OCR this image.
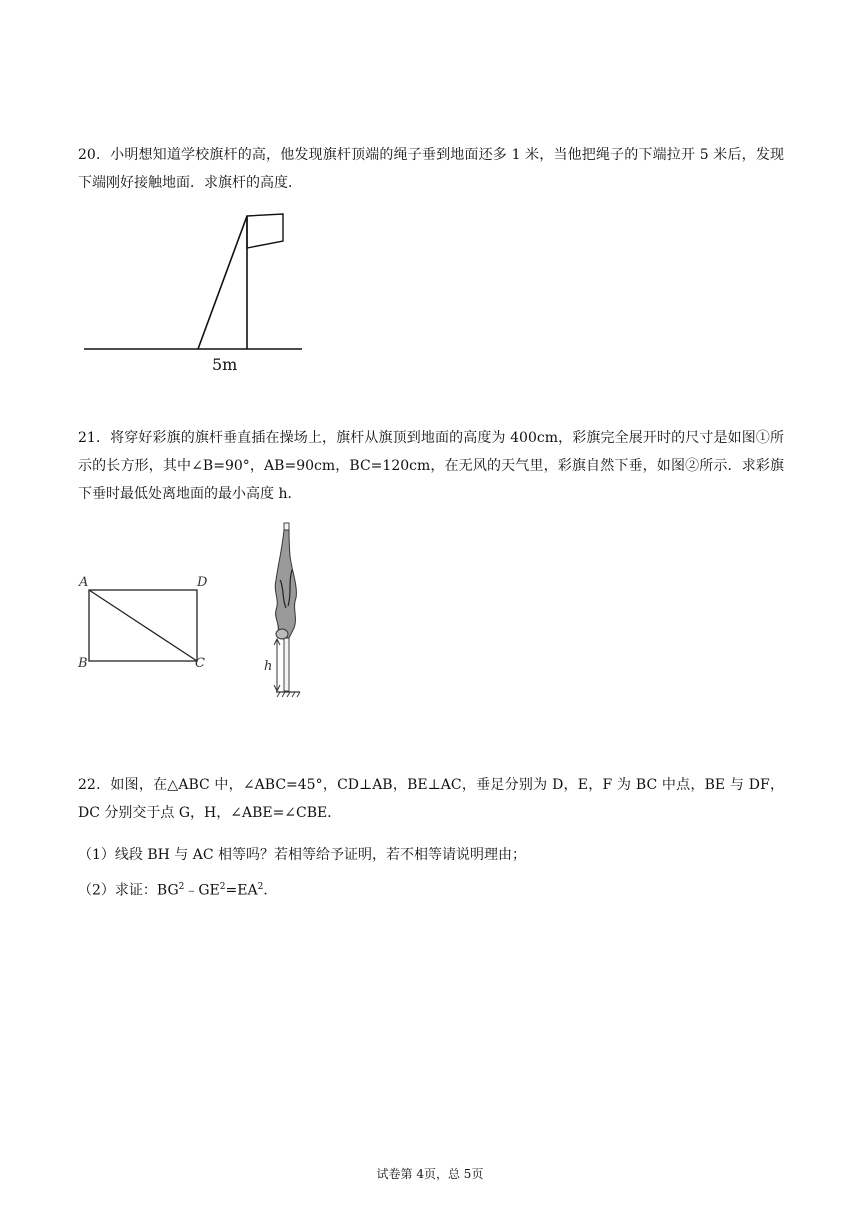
20．小明想知道学校旗杆的高，他发现旗杆顶端的绳子垂到地面还多 1 米，当他把绳子的下端拉开 5 米后，发现下端刚好接触地面．求旗杆的高度．

5m

21．将穿好彩旗的旗杆垂直插在操场上，旗杆从旗顶到地面的高度为 400cm，彩旗完全展开时的尺寸是如图①所示的长方形，其中∠B=90°，AB=90cm，BC=120cm，在无风的天气里，彩旗自然下垂，如图②所示．求彩旗下垂时最低处离地面的最小高度 h．

A	D
B	C	h

22．如图，在△ABC 中，∠ABC=45°，CD⊥AB，BE⊥AC，垂足分别为 D，E，F 为 BC 中点，BE 与 DF，DC 分别交于点 G，H，∠ABE=∠CBE．

（1）线段 BH 与 AC 相等吗？若相等给予证明，若不相等请说明理由；
（2）求证：$BG^2﹣GE^2=EA^2$．
试卷第 4页，总 5页
